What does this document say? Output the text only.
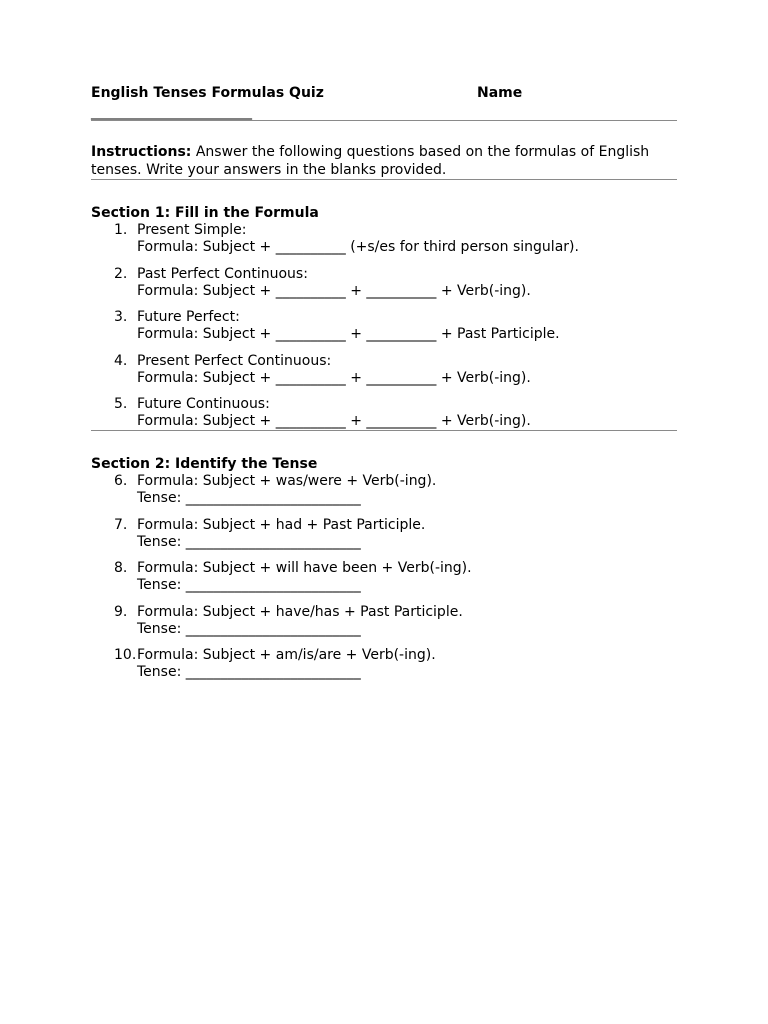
English Tenses Formulas Quiz	Name
_______________________
Instructions: Answer the following questions based on the formulas of English tenses. Write your answers in the blanks provided.
Section 1: Fill in the Formula
1. Present Simple:
Formula: Subject + __________ (+s/es for third person singular).
2. Past Perfect Continuous:
Formula: Subject + __________ + __________ + Verb(-ing).
3. Future Perfect:
Formula: Subject + __________ + __________ + Past Participle.
4. Present Perfect Continuous:
Formula: Subject + __________ + __________ + Verb(-ing).
5. Future Continuous:
Formula: Subject + __________ + __________ + Verb(-ing).
Section 2: Identify the Tense
6. Formula: Subject + was/were + Verb(-ing).
Tense: _________________________
7. Formula: Subject + had + Past Participle.
Tense: _________________________
8. Formula: Subject + will have been + Verb(-ing).
Tense: _________________________
9. Formula: Subject + have/has + Past Participle.
Tense: _________________________
10. Formula: Subject + am/is/are + Verb(-ing).
Tense: _________________________
